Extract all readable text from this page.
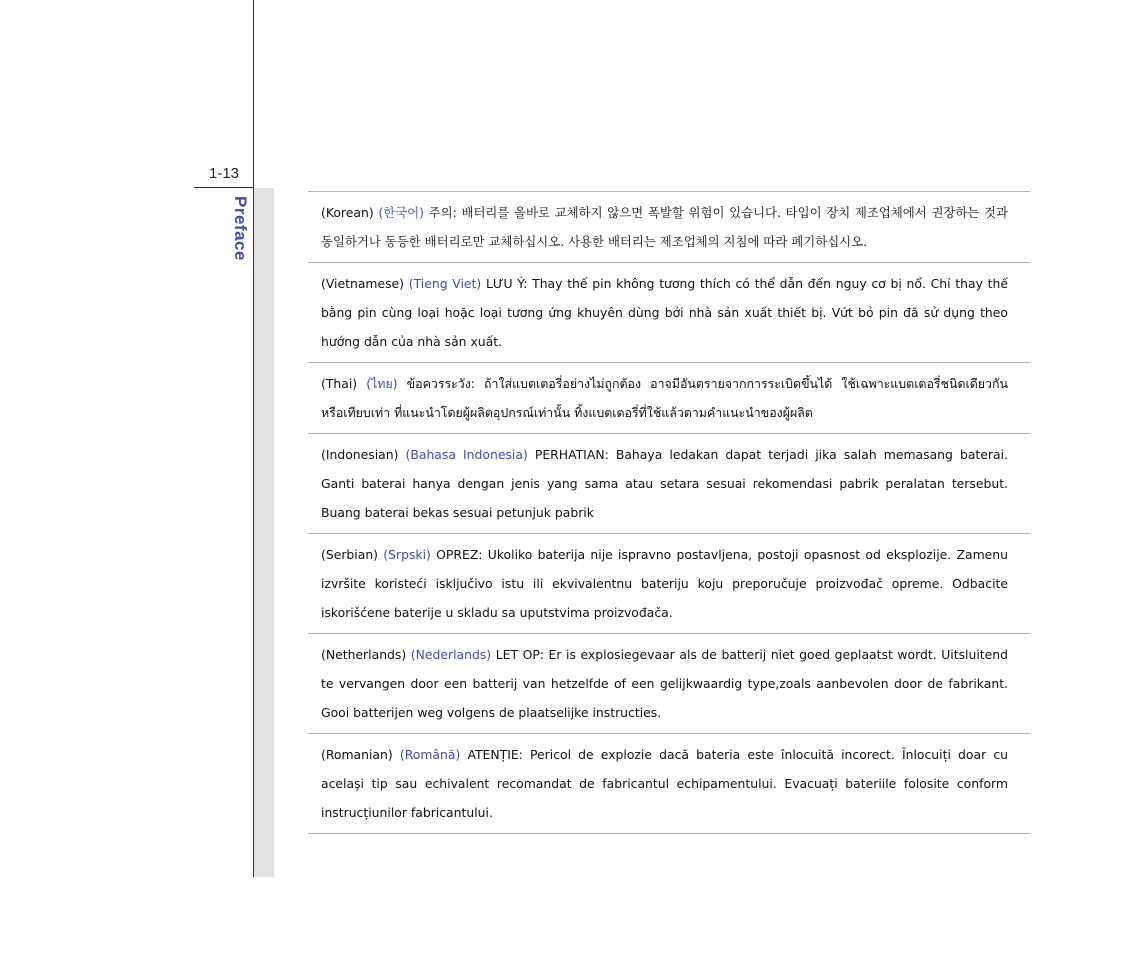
1-13
Preface	(Korean) (한국어) 주의: 배터리를 올바로 교체하지 않으면 폭발할 위험이 있습니다. 타입이 장치 제조업체에서 권장하는 것과 동일하거나 동등한 배터리로만 교체하십시오. 사용한 배터리는 제조업체의 지침에 따라 폐기하십시오.
(Vietnamese) (Tieng Viet) LƯU Ý: Thay thế pin không tương thích có thể dẫn đến nguy cơ bị nổ. Chỉ thay thế bằng pin cùng loại hoặc loại tương ứng khuyên dùng bởi nhà sản xuất thiết bị. Vứt bỏ pin đã sử dụng theo hướng dẫn của nhà sản xuất.
(Thai) (ไทย) ข้อควรระวัง: ถ้าใส่แบตเตอรี่อย่างไม่ถูกต้อง อาจมีอันตรายจากการระเบิดขึ้นได้ ใช้เฉพาะแบตเตอรี่ชนิดเดียวกัน หรือเทียบเท่า ที่แนะนำโดยผู้ผลิตอุปกรณ์เท่านั้น ทิ้งแบตเตอรี่ที่ใช้แล้วตามคำแนะนำของผู้ผลิต
(Indonesian) (Bahasa Indonesia) PERHATIAN: Bahaya ledakan dapat terjadi jika salah memasang baterai. Ganti baterai hanya dengan jenis yang sama atau setara sesuai rekomendasi pabrik peralatan tersebut. Buang baterai bekas sesuai petunjuk pabrik
(Serbian) (Srpski) OPREZ: Ukoliko baterija nije ispravno postavljena, postoji opasnost od eksplozije. Zamenu izvršite koristeći isključivo istu ili ekvivalentnu bateriju koju preporučuje proizvođač opreme. Odbacite iskorišćene baterije u skladu sa uputstvima proizvođača.
(Netherlands) (Nederlands) LET OP: Er is explosiegevaar als de batterij niet goed geplaatst wordt. Uitsluitend te vervangen door een batterij van hetzelfde of een gelijkwaardig type,zoals aanbevolen door de fabrikant. Gooi batterijen weg volgens de plaatselijke instructies.
(Romanian) (Română) ATENȚIE: Pericol de explozie dacă bateria este înlocuită incorect. Înlocuiți doar cu acelaşi tip sau echivalent recomandat de fabricantul echipamentului. Evacuați bateriile folosite conform instrucțiunilor fabricantului.
